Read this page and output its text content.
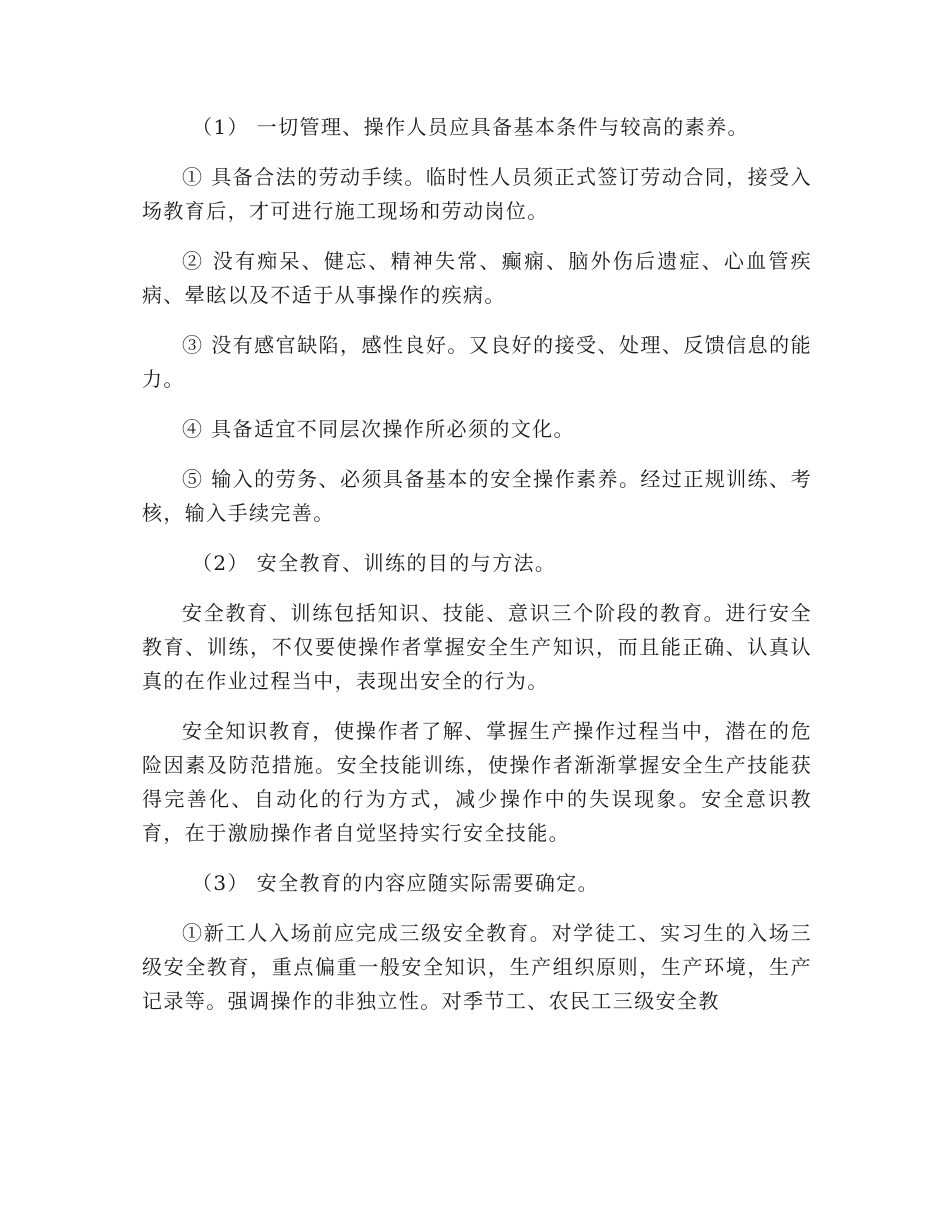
（1） 一切管理、操作人员应具备基本条件与较高的素养。

① 具备合法的劳动手续。临时性人员须正式签订劳动合同，接受入场教育后，才可进行施工现场和劳动岗位。

② 没有痴呆、健忘、精神失常、癫痫、脑外伤后遗症、心血管疾病、晕眩以及不适于从事操作的疾病。

③ 没有感官缺陷，感性良好。又良好的接受、处理、反馈信息的能力。

④ 具备适宜不同层次操作所必须的文化。

⑤ 输入的劳务、必须具备基本的安全操作素养。经过正规训练、考核，输入手续完善。

（2） 安全教育、训练的目的与方法。

安全教育、训练包括知识、技能、意识三个阶段的教育。进行安全教育、训练，不仅要使操作者掌握安全生产知识，而且能正确、认真认真的在作业过程当中，表现出安全的行为。

安全知识教育，使操作者了解、掌握生产操作过程当中，潜在的危险因素及防范措施。安全技能训练，使操作者渐渐掌握安全生产技能获得完善化、自动化的行为方式，减少操作中的失误现象。安全意识教育，在于激励操作者自觉坚持实行安全技能。

（3） 安全教育的内容应随实际需要确定。

①新工人入场前应完成三级安全教育。对学徒工、实习生的入场三级安全教育，重点偏重一般安全知识，生产组织原则，生产环境，生产记录等。强调操作的非独立性。对季节工、农民工三级安全教
